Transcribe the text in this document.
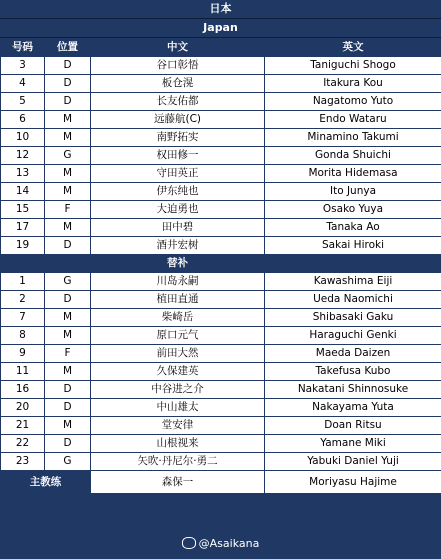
日本
Japan
号码	位置	中文	英文
3	D	谷口彰悟	Taniguchi Shogo
4	D	板仓滉	Itakura Kou
5	D	长友佑都	Nagatomo Yuto
6	M	远藤航(C)	Endo Wataru
10	M	南野拓实	Minamino Takumi
12	G	权田修一	Gonda Shuichi
13	M	守田英正	Morita Hidemasa
14	M	伊东纯也	Ito Junya
15	F	大迫勇也	Osako Yuya
17	M	田中碧	Tanaka Ao
19	D	酒井宏树	Sakai Hiroki
		替补	
1	G	川岛永嗣	Kawashima Eiji
2	D	植田直通	Ueda Naomichi
7	M	柴崎岳	Shibasaki Gaku
8	M	原口元气	Haraguchi Genki
9	F	前田大然	Maeda Daizen
11	M	久保建英	Takefusa Kubo
16	D	中谷进之介	Nakatani Shinnosuke
20	D	中山雄太	Nakayama Yuta
21	M	堂安律	Doan Ritsu
22	D	山根视来	Yamane Miki
23	G	矢吹·丹尼尔·勇二	Yabuki Daniel Yuji
主教练		森保一	Moriyasu Hajime
@Asaikana
